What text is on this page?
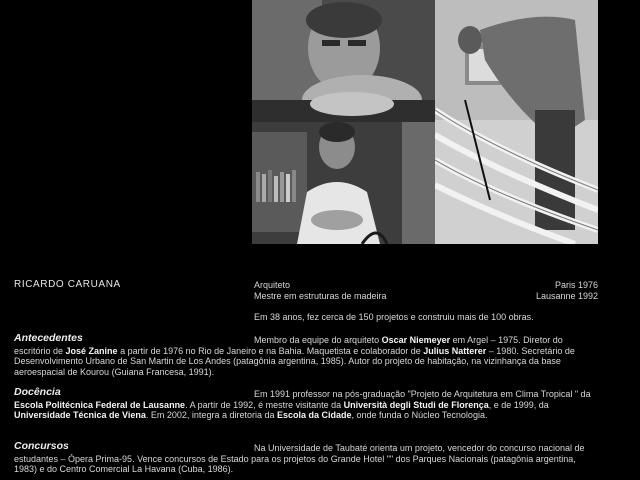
RICARDO CARUANA	Arquiteto	Paris 1976
Mestre em estruturas de madeira	Lausanne 1992
Em 38 anos, fez cerca de 150 projetos e construiu mais de 100 obras.
Antecedentes	Membro da equipe do arquiteto Oscar Niemeyer em Argel – 1975. Diretor do escritório de José Zanine a partir de 1976 no Rio de Janeiro e na Bahia. Maquetista e colaborador de Julius Natterer – 1980. Secretário de Desenvolvimento Urbano de San Martin de Los Andes (patagônia argentina, 1985). Autor do projeto de habitação, na vizinhança da base aeroespacial de Kourou (Guiana Francesa, 1991).
Docência	Em 1991 professor na pós-graduação "Projeto de Arquitetura em Clima Tropical " da Escola Politécnica Federal de Lausanne. A partir de 1992, é mestre visitante da Università degli Studi de Florença, e de 1999, da Universidade Técnica de Viena. Em 2002, integra a diretoria da Escola da Cidade, onde funda o Núcleo Tecnologia.
Concursos	Na Universidade de Taubaté orienta um projeto, vencedor do concurso nacional de estudantes – Ópera Prima-95. Vence concursos de Estado para os projetos do Grande Hotel "" dos Parques Nacionais (patagônia argentina, 1983) e do Centro Comercial La Havana (Cuba, 1986).
